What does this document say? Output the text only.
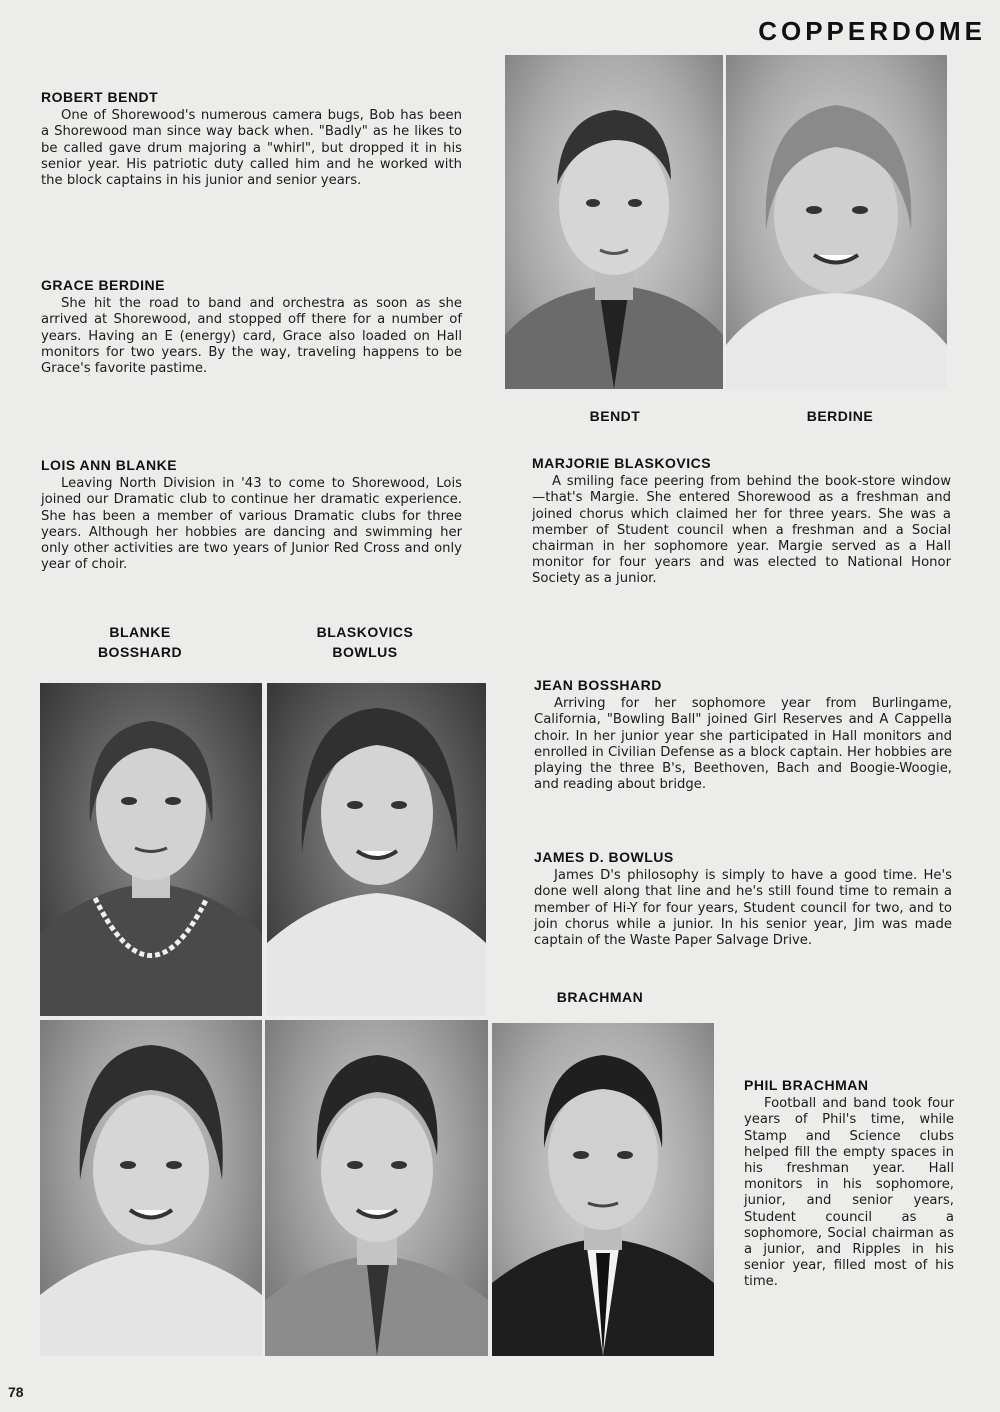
COPPERDOME
ROBERT BENDT

One of Shorewood's numerous camera bugs, Bob has been a Shorewood man since way back when. "Badly" as he likes to be called gave drum majoring a "whirl", but dropped it in his senior year. His patriotic duty called him and he worked with the block captains in his junior and senior years.

GRACE BERDINE

She hit the road to band and orchestra as soon as she arrived at Shorewood, and stopped off there for a number of years. Having an E (energy) card, Grace also loaded on Hall monitors for two years. By the way, traveling happens to be Grace's favorite pastime.

LOIS ANN BLANKE

Leaving North Division in '43 to come to Shorewood, Lois joined our Dramatic club to continue her dramatic experience. She has been a member of various Dramatic clubs for three years. Although her hobbies are dancing and swimming her only other activities are two years of Junior Red Cross and only year of choir.

MARJORIE BLASKOVICS

A smiling face peering from behind the book-store window—that's Margie. She entered Shorewood as a freshman and joined chorus which claimed her for three years. She was a member of Student council when a freshman and a Social chairman in her sophomore year. Margie served as a Hall monitor for four years and was elected to National Honor Society as a junior.

JEAN BOSSHARD

Arriving for her sophomore year from Burlingame, California, "Bowling Ball" joined Girl Reserves and A Cappella choir. In her junior year she participated in Hall monitors and enrolled in Civilian Defense as a block captain. Her hobbies are playing the three B's, Beethoven, Bach and Boogie-Woogie, and reading about bridge.

JAMES D. BOWLUS

James D's philosophy is simply to have a good time. He's done well along that line and he's still found time to remain a member of Hi-Y for four years, Student council for two, and to join chorus while a junior. In his senior year, Jim was made captain of the Waste Paper Salvage Drive.

PHIL BRACHMAN

Football and band took four years of Phil's time, while Stamp and Science clubs helped fill the empty spaces in his freshman year. Hall monitors in his sophomore, junior, and senior years, Student council as a sophomore, Social chairman as a junior, and Ripples in his senior year, filled most of his time.

BENDT	BERDINE
BLANKE
BOSSHARD
BLASKOVICS
BOWLUS
BRACHMAN
78
